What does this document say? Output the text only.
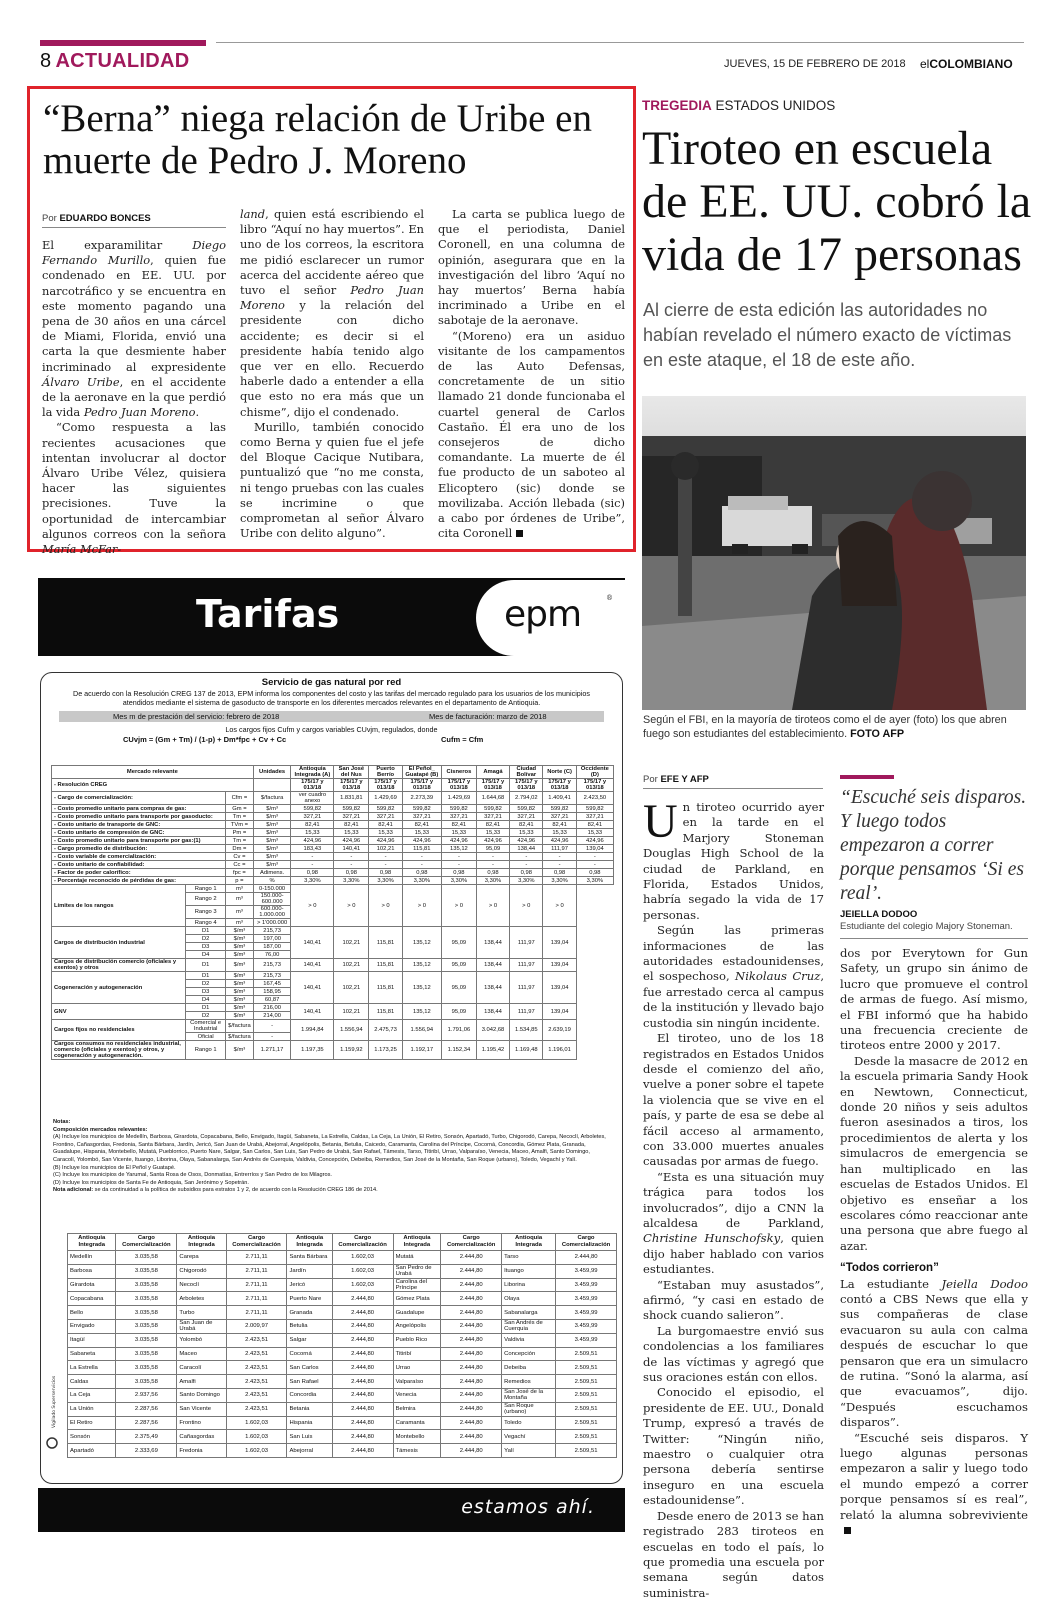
8 ACTUALIDAD	JUEVES, 15 DE FEBRERO DE 2018 elCOLOMBIANO
“Berna” niega relación de Uribe en muerte de Pedro J. Moreno
Por EDUARDO BONCES

El exparamilitar Diego Fernando Murillo, quien fue condenado en EE. UU. por narcotráfico y se encuentra en este momento pagando una pena de 30 años en una cárcel de Miami, Florida, envió una carta la que desmiente haber incriminado al expresidente Álvaro Uribe, en el accidente de la aeronave en la que perdió la vida Pedro Juan Moreno.

“Como respuesta a las recientes acusaciones que intentan involucrar al doctor Álvaro Uribe Vélez, quisiera hacer las siguientes precisiones. Tuve la oportunidad de intercambiar algunos correos con la señora María McFar-

land, quien está escribiendo el libro “Aquí no hay muertos”. En uno de los correos, la escritora me pidió esclarecer un rumor acerca del accidente aéreo que tuvo el señor Pedro Juan Moreno y la relación del presidente con dicho accidente; es decir si el presidente había tenido algo que ver en ello. Recuerdo haberle dado a entender a ella que esto no era más que un chisme”, dijo el condenado.

Murillo, también conocido como Berna y quien fue el jefe del Bloque Cacique Nutibara, puntualizó que “no me consta, ni tengo pruebas con las cuales se incrimine o que comprometan al señor Álvaro Uribe con delito alguno”.

La carta se publica luego de que el periodista, Daniel Coronell, en una columna de opinión, asegurara que en la investigación del libro ‘Aquí no hay muertos’ Berna había incriminado a Uribe en el sabotaje de la aeronave.

“(Moreno) era un asiduo visitante de los campamentos de las Auto Defensas, concretamente de un sitio llamado 21 donde funcionaba el cuartel general de Carlos Castaño. Él era uno de los consejeros de dicho comandante. La muerte de él fue producto de un saboteo al Elicoptero (sic) donde se movilizaba. Acción llebada (sic) a cabo por órdenes de Uribe”, cita Coronell

TREGEDIA ESTADOS UNIDOS
Tiroteo en escuela de EE. UU. cobró la vida de 17 personas

Al cierre de esta edición las autoridades no habían revelado el número exacto de víctimas en este ataque, el 18 de este año.

Según el FBI, en la mayoría de tiroteos como el de ayer (foto) los que abren fuego son estudiantes del establecimiento. FOTO AFP

Por EFE Y AFP

Un tiroteo ocurrido ayer en la tarde en el Marjory Stoneman Douglas High School de la ciudad de Parkland, en Florida, Estados Unidos, habría segado la vida de 17 personas.

Según las primeras informaciones de las autoridades estadounidenses, el sospechoso, Nikolaus Cruz, fue arrestado cerca al campus de la institución y llevado bajo custodia sin ningún incidente.

El tiroteo, uno de los 18 registrados en Estados Unidos desde el comienzo del año, vuelve a poner sobre el tapete la violencia que se vive en el país, y parte de esa se debe al fácil acceso al armamento, con 33.000 muertes anuales causadas por armas de fuego.

“Esta es una situación muy trágica para todos los involucrados”, dijo a CNN la alcaldesa de Parkland, Christine Hunschofsky, quien dijo haber hablado con varios estudiantes.

“Estaban muy asustados”, afirmó, “y casi en estado de shock cuando salieron”.

La burgomaestre envió sus condolencias a los familiares de las víctimas y agregó que sus oraciones están con ellos.

Conocido el episodio, el presidente de EE. UU., Donald Trump, expresó a través de Twitter: “Ningún niño, maestro o cualquier otra persona debería sentirse inseguro en una escuela estadounidense”.

Desde enero de 2013 se han registrado 283 tiroteos en escuelas en todo el país, lo que promedia una escuela por semana según datos suministra-

“Escuché seis disparos. Y luego todos empezaron a correr porque pensamos ‘Si es real’.

JEIELLA DODOO
Estudiante del colegio Majory Stoneman.

dos por Everytown for Gun Safety, un grupo sin ánimo de lucro que promueve el control de armas de fuego. Así mismo, el FBI informó que ha habido una frecuencia creciente de tiroteos entre 2000 y 2017.

Desde la masacre de 2012 en la escuela primaria Sandy Hook en Newtown, Connecticut, donde 20 niños y seis adultos fueron asesinados a tiros, los procedimientos de alerta y los simulacros de emergencia se han multiplicado en las escuelas de Estados Unidos. El objetivo es enseñar a los escolares cómo reaccionar ante una persona que abre fuego al azar.

“Todos corrieron”

La estudiante Jeiella Dodoo contó a CBS News que ella y sus compañeras de clase evacuaron su aula con calma después de escuchar lo que pensaron que era un simulacro de rutina. “Sonó la alarma, así que evacuamos”, dijo. “Después escuchamos disparos”.

“Escuché seis disparos. Y luego algunas personas empezaron a salir y luego todo el mundo empezó a correr porque pensamos sí es real”, relató la alumna sobreviviente

Tarifas	epm	®
Servicio de gas natural por red
De acuerdo con la Resolución CREG 137 de 2013, EPM informa los componentes del costo y las tarifas del mercado regulado para los usuarios de los municipios atendidos mediante el sistema de gasoducto de transporte en los diferentes mercados relevantes en el departamento de Antioquia.
Mes m de prestación del servicio: febrero de 2018	Mes de facturación: marzo de 2018
Los cargos fijos Cufm y cargos variables CUvjm, regulados, donde
CUvjm = (Gm + Tm) / (1-p) + Dm*fpc + Cv + Cc	Cufm = Cfm
Mercado relevante			Unidades	Antioquia Integrada (A)	San José del Nus	Puerto Berrío	El Peñol_ Guatapé (B)	Cisneros	Amagá	Ciudad Bolívar	Norte (C)	Occidente (D)
- Resolución CREG				175/17 y 013/18	175/17 y 013/18	175/17 y 013/18	175/17 y 013/18	175/17 y 013/18	175/17 y 013/18	175/17 y 013/18	175/17 y 013/18	175/17 y 013/18
- Cargo de comercialización:		Cfm =	$/factura	ver cuadro anexo	1.831,81	1.429,69	2.273,39	1.429,69	1.644,68	2.794,02	1.409,41	2.423,50
- Costo promedio unitario para compras de gas:		Gm =	$/m³	599,82	599,82	599,82	599,82	599,82	599,82	599,82	599,82	599,82
- Costo promedio unitario para transporte por gasoducto:		Tm =	$/m³	327,21	327,21	327,21	327,21	327,21	327,21	327,21	327,21	327,21
- Costo unitario de transporte de GNC:		TVm =	$/m³	82,41	82,41	82,41	82,41	82,41	82,41	82,41	82,41	82,41
- Costo unitario de compresión de GNC:		Pm =	$/m³	15,33	15,33	15,33	15,33	15,33	15,33	15,33	15,33	15,33
- Costo promedio unitario para transporte por gas:(1)		Tm =	$/m³	424,96	424,96	424,96	424,96	424,96	424,96	424,96	424,96	424,96
- Cargo promedio de distribución:		Dm =	$/m³	183,43	140,41	102,21	115,81	135,12	95,09	138,44	111,97	139,04
- Costo variable de comercialización:		Cv =	$/m³	-	-	-	-	-	-	-	-	-
- Costo unitario de confiabilidad:		Cc =	$/m³	-	-	-	-	-	-	-	-	-
- Factor de poder calorífico:		fpc =	Adimens.	0,98	0,98	0,98	0,98	0,98	0,98	0,98	0,98	0,98
- Porcentaje reconocido de pérdidas de gas:		p =	%	3,30%	3,30%	3,30%	3,30%	3,30%	3,30%	3,30%	3,30%	3,30%
Límites de los rangos	Rango 1	m³	0-150.000	> 0	> 0	> 0	> 0	> 0	> 0	> 0	> 0	
	Rango 2	m³	150.000-600.000									
	Rango 3	m³	600.000-1.000.000									
	Rango 4	m³	> 1'000.000									
Cargos de distribución industrial	D1	$/m³	215,73	140,41	102,21	115,81	135,12	95,09	138,44	111,97	139,04	
	D2	$/m³	197,00									
	D3	$/m³	187,00									
	D4	$/m³	76,00									
Cargos de distribución comercio (oficiales y exentos) y otros	D1	$/m³	215,73	140,41	102,21	115,81	135,12	95,09	138,44	111,97	139,04	
Cogeneración y autogeneración	D1	$/m³	215,73	140,41	102,21	115,81	135,12	95,09	138,44	111,97	139,04	
	D2	$/m³	167,45									
	D3	$/m³	158,95									
	D4	$/m³	60,87									
GNV	D1	$/m³	216,00	140,41	102,21	115,81	135,12	95,09	138,44	111,97	139,04	
	D2	$/m³	214,00									
Cargos fijos no residenciales	Comercial e Industrial	$/factura	-	1.994,84	1.556,94	2.475,73	1.556,94	1.791,06	3.042,68	1.534,85	2.639,19	
	Oficial	$/factura	-									
Cargos consumos no residenciales industrial, comercio (oficiales y exentos) y otros, y cogeneración y autogeneración.	Rango 1	$/m³	1.271,17	1.197,35	1.159,92	1.173,25	1.192,17	1.152,34	1.195,42	1.169,48	1.196,01	
Notas:
Composición mercados relevantes:
(A) Incluye los municipios de Medellín, Barbosa, Girardota, Copacabana, Bello, Envigado, Itagüí, Sabaneta, La Estrella, Caldas, La Ceja, La Unión, El Retiro, Sonsón, Apartadó, Turbo, Chigorodó, Carepa, Necoclí, Arboletes, Frontino, Cañasgordas, Fredonia, Santa Bárbara, Jardín, Jericó, San Juan de Urabá, Abejorral, Angelópolis, Betania, Betulia, Caicedo, Caramanta, Carolina del Príncipe, Cocorná, Concordia, Gómez Plata, Granada, Guadalupe, Hispania, Montebello, Mutatá, Pueblorrico, Puerto Nare, Salgar, San Carlos, San Luis, San Pedro de Urabá, San Rafael, Támesis, Tarso, Titiribí, Urrao, Valparaíso, Venecia, Maceo, Amalfi, Santo Domingo, Caracolí, Yolombó, San Vicente, Ituango, Liborina, Olaya, Sabanalarga, San Andrés de Cuerquia, Valdivia, Concepción, Debeiba, Remedios, San José de la Montaña, San Roque (urbano), Toledo, Vegachí y Yalí.
(B) Incluye los municipios de El Peñol y Guatapé.
(C) Incluye los municipios de Yarumal, Santa Rosa de Osos, Donmatías, Entrerríos y San Pedro de los Milagros.
(D) Incluye los municipios de Santa Fe de Antioquia, San Jerónimo y Sopetrán.
Nota adicional: se da continuidad a la política de subsidios para estratos 1 y 2, de acuerdo con la Resolución CREG 186 de 2014.
Antioquia Integrada	Cargo Comercialización	Antioquia Integrada	Cargo Comercialización	Antioquia Integrada	Cargo Comercialización	Antioquia Integrada	Cargo Comercialización	Antioquia Integrada	Cargo Comercialización
Medellín	3.035,58	Carepa	2.711,11	Santa Bárbara	1.602,03	Mutatá	2.444,80	Tarso	2.444,80
Barbosa	3.035,58	Chigorodó	2.711,11	Jardín	1.602,03	San Pedro de Urabá	2.444,80	Ituango	3.459,99
Girardota	3.035,58	Necoclí	2.711,11	Jericó	1.602,03	Carolina del Príncipe	2.444,80	Liborina	3.459,99
Copacabana	3.035,58	Arboletes	2.711,11	Puerto Nare	2.444,80	Gómez Plata	2.444,80	Olaya	3.459,99
Bello	3.035,58	Turbo	2.711,11	Granada	2.444,80	Guadalupe	2.444,80	Sabanalarga	3.459,99
Envigado	3.035,58	San Juan de Urabá	2.009,97	Betulia	2.444,80	Angelópolis	2.444,80	San Andrés de Cuerquia	3.459,99
Itagüí	3.035,58	Yolombó	2.423,51	Salgar	2.444,80	Pueblo Rico	2.444,80	Valdivia	3.459,99
Sabaneta	3.035,58	Maceo	2.423,51	Cocorná	2.444,80	Titiribí	2.444,80	Concepción	2.509,51
La Estrella	3.035,58	Caracolí	2.423,51	San Carlos	2.444,80	Urrao	2.444,80	Debeiba	2.509,51
Caldas	3.035,58	Amalfi	2.423,51	San Rafael	2.444,80	Valparaíso	2.444,80	Remedios	2.509,51
La Ceja	2.937,56	Santo Domingo	2.423,51	Concordia	2.444,80	Venecia	2.444,80	San José de la Montaña	2.509,51
La Unión	2.287,56	San Vicente	2.423,51	Betania	2.444,80	Belmira	2.444,80	San Roque (urbano)	2.509,51
El Retiro	2.287,56	Frontino	1.602,03	Hispania	2.444,80	Caramanta	2.444,80	Toledo	2.509,51
Sonsón	2.375,49	Cañasgordas	1.602,03	San Luis	2.444,80	Montebello	2.444,80	Vegachí	2.509,51
Apartadó	2.333,69	Fredonia	1.602,03	Abejorral	2.444,80	Támesis	2.444,80	Yalí	2.509,51
Vigilado Superservicios
estamos ahí.
